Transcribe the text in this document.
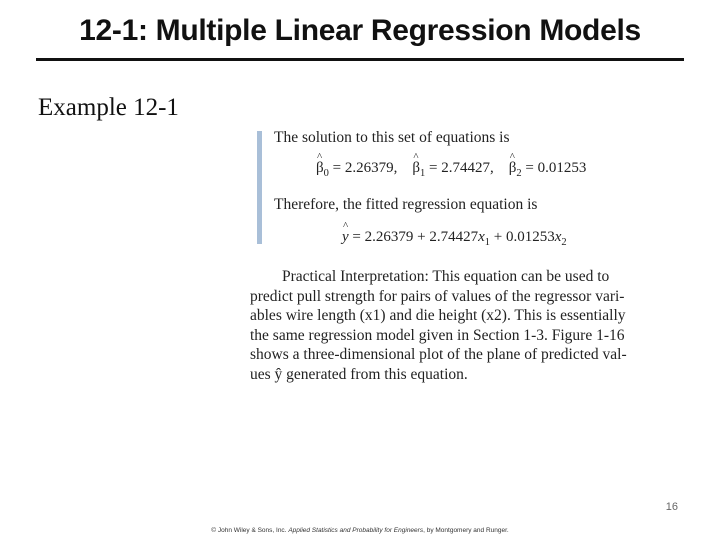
12-1: Multiple Linear Regression Models
Example 12-1
The solution to this set of equations is
^ $\beta_0 = 2.26379$,    ^ $\beta_1 = 2.74427$,    ^ $\beta_2 = 0.01253$
Therefore, the fitted regression equation is
^ $y = 2.26379 + 2.74427x_1 + 0.01253x_2$
Practical Interpretation: This equation can be used to
predict pull strength for pairs of values of the regressor vari-
ables wire length (x1) and die height (x2). This is essentially
the same regression model given in Section 1-3. Figure 1-16
shows a three-dimensional plot of the plane of predicted val-
ues ŷ generated from this equation.
16
© John Wiley & Sons, Inc. Applied Statistics and Probability for Engineers, by Montgomery and Runger.
